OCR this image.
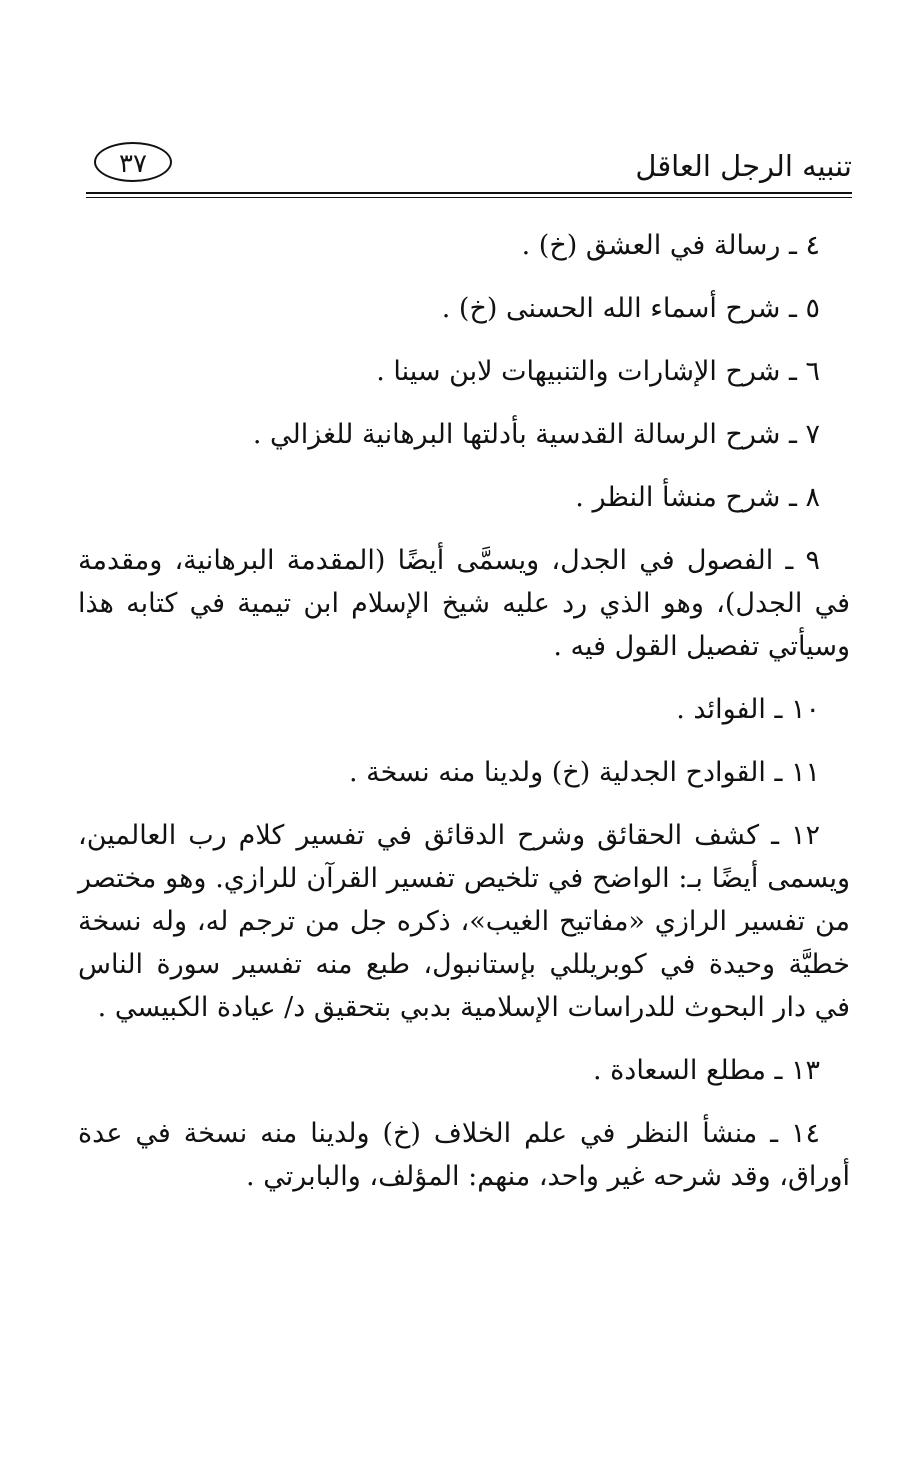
تنبيه الرجل العاقل
٣٧

٤ ـ رسالة في العشق (خ) .

٥ ـ شرح أسماء الله الحسنى (خ) .

٦ ـ شرح الإشارات والتنبيهات لابن سينا .

٧ ـ شرح الرسالة القدسية بأدلتها البرهانية للغزالي .

٨ ـ شرح منشأ النظر .

٩ ـ الفصول في الجدل، ويسمَّى أيضًا (المقدمة البرهانية، ومقدمة في الجدل)، وهو الذي رد عليه شيخ الإسلام ابن تيمية في كتابه هذا وسيأتي تفصيل القول فيه .

١٠ ـ الفوائد .

١١ ـ القوادح الجدلية (خ) ولدينا منه نسخة .

١٢ ـ كشف الحقائق وشرح الدقائق في تفسير كلام رب العالمين، ويسمى أيضًا بـ: الواضح في تلخيص تفسير القرآن للرازي. وهو مختصر من تفسير الرازي «مفاتيح الغيب»، ذكره جل من ترجم له، وله نسخة خطيَّة وحيدة في كوبريللي بإستانبول، طبع منه تفسير سورة الناس في دار البحوث للدراسات الإسلامية بدبي بتحقيق د/ عيادة الكبيسي .

١٣ ـ مطلع السعادة .

١٤ ـ منشأ النظر في علم الخلاف (خ) ولدينا منه نسخة في عدة أوراق، وقد شرحه غير واحد، منهم: المؤلف، والبابرتي .
